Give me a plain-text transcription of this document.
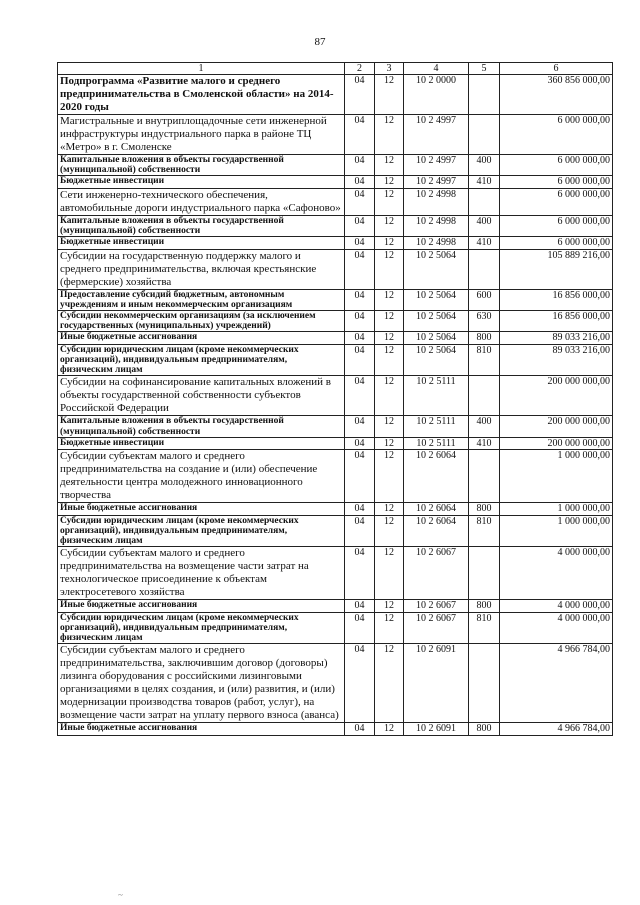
87
1	2	3	4	5	6
Подпрограмма «Развитие малого и среднего предпринимательства в Смоленской области» на 2014-2020 годы	04	12	10 2 0000		360 856 000,00
Магистральные и внутриплощадочные сети инженерной инфраструктуры индустриального парка в районе ТЦ «Метро» в г. Смоленске	04	12	10 2 4997		6 000 000,00
Капитальные вложения в объекты государственной (муниципальной) собственности	04	12	10 2 4997	400	6 000 000,00
Бюджетные инвестиции	04	12	10 2 4997	410	6 000 000,00
Сети инженерно-технического обеспечения, автомобильные дороги индустриального парка «Сафоново»	04	12	10 2 4998		6 000 000,00
Капитальные вложения в объекты государственной (муниципальной) собственности	04	12	10 2 4998	400	6 000 000,00
Бюджетные инвестиции	04	12	10 2 4998	410	6 000 000,00
Субсидии на государственную поддержку малого и среднего предпринимательства, включая крестьянские (фермерские) хозяйства	04	12	10 2 5064		105 889 216,00
Предоставление субсидий бюджетным, автономным учреждениям и иным некоммерческим организациям	04	12	10 2 5064	600	16 856 000,00
Субсидии некоммерческим организациям (за исключением государственных (муниципальных) учреждений)	04	12	10 2 5064	630	16 856 000,00
Иные бюджетные ассигнования	04	12	10 2 5064	800	89 033 216,00
Субсидии юридическим лицам (кроме некоммерческих организаций), индивидуальным предпринимателям, физическим лицам	04	12	10 2 5064	810	89 033 216,00
Субсидии на софинансирование капитальных вложений в объекты государственной собственности субъектов Российской Федерации	04	12	10 2 5111		200 000 000,00
Капитальные вложения в объекты государственной (муниципальной) собственности	04	12	10 2 5111	400	200 000 000,00
Бюджетные инвестиции	04	12	10 2 5111	410	200 000 000,00
Субсидии субъектам малого и среднего предпринимательства на создание и (или) обеспечение деятельности центра молодежного инновационного творчества	04	12	10 2 6064		1 000 000,00
Иные бюджетные ассигнования	04	12	10 2 6064	800	1 000 000,00
Субсидии юридическим лицам (кроме некоммерческих организаций), индивидуальным предпринимателям, физическим лицам	04	12	10 2 6064	810	1 000 000,00
Субсидии субъектам малого и среднего предпринимательства на возмещение части затрат на технологическое присоединение к объектам электросетевого хозяйства	04	12	10 2 6067		4 000 000,00
Иные бюджетные ассигнования	04	12	10 2 6067	800	4 000 000,00
Субсидии юридическим лицам (кроме некоммерческих организаций), индивидуальным предпринимателям, физическим лицам	04	12	10 2 6067	810	4 000 000,00
Субсидии субъектам малого и среднего предпринимательства, заключившим договор (договоры) лизинга оборудования с российскими лизинговыми организациями в целях создания, и (или) развития, и (или) модернизации производства товаров (работ, услуг), на возмещение части затрат на уплату первого взноса (аванса)	04	12	10 2 6091		4 966 784,00
Иные бюджетные ассигнования	04	12	10 2 6091	800	4 966 784,00
~
